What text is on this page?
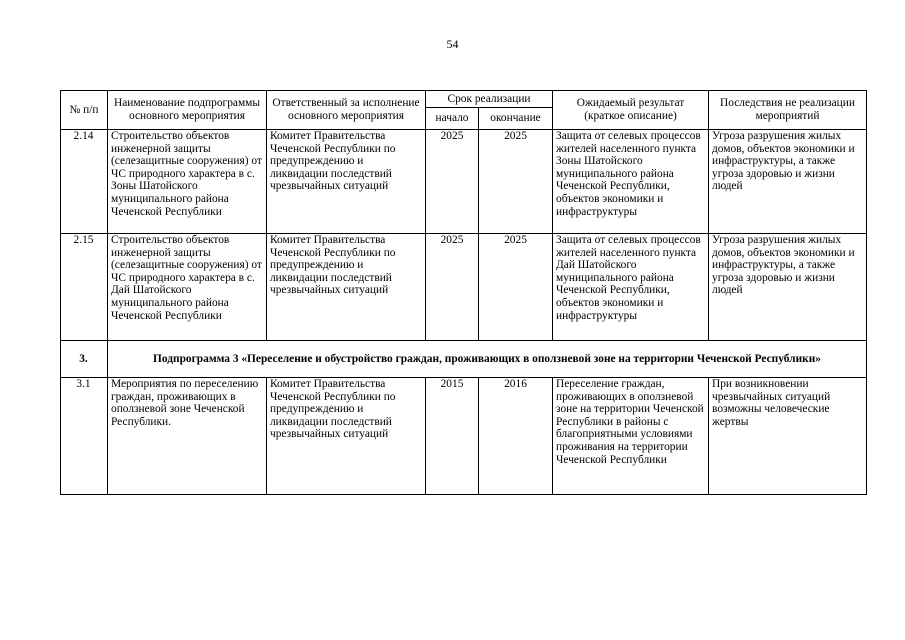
54
№ п/п	Наименование подпрограммы основного мероприятия	Ответственный за исполнение основного мероприятия	Срок реализации		Ожидаемый результат (краткое описание)	Последствия не реализации мероприятий
			начало	окончание		
2.14	Строительство объектов инженерной защиты (селезащитные сооружения) от ЧС природного характера в с. Зоны Шатойского муниципального района Чеченской Республики	Комитет Правительства Чеченской Республики по предупреждению и ликвидации последствий чрезвычайных ситуаций	2025	2025	Защита от селевых процессов жителей населенного пункта Зоны Шатойского муниципального района Чеченской Республики, объектов экономики и инфраструктуры	Угроза разрушения жилых домов, объектов экономики и инфраструктуры, а также угроза здоровью и жизни людей
2.15	Строительство объектов инженерной защиты (селезащитные сооружения) от ЧС природного характера в с. Дай Шатойского муниципального района Чеченской Республики	Комитет Правительства Чеченской Республики по предупреждению и ликвидации последствий чрезвычайных ситуаций	2025	2025	Защита от селевых процессов жителей населенного пункта Дай Шатойского муниципального района Чеченской Республики, объектов экономики и инфраструктуры	Угроза разрушения жилых домов, объектов экономики и инфраструктуры, а также угроза здоровью и жизни людей
3.	Подпрограмма 3 «Переселение и обустройство граждан, проживающих в оползневой зоне на территории Чеченской Республики»					
3.1	Мероприятия по переселению граждан, проживающих в оползневой зоне Чеченской Республики.	Комитет Правительства Чеченской Республики по предупреждению и ликвидации последствий чрезвычайных ситуаций	2015	2016	Переселение граждан, проживающих в оползневой зоне на территории Чеченской Республики в районы с благоприятными условиями проживания на территории Чеченской Республики	При возникновении чрезвычайных ситуаций возможны человеческие жертвы
